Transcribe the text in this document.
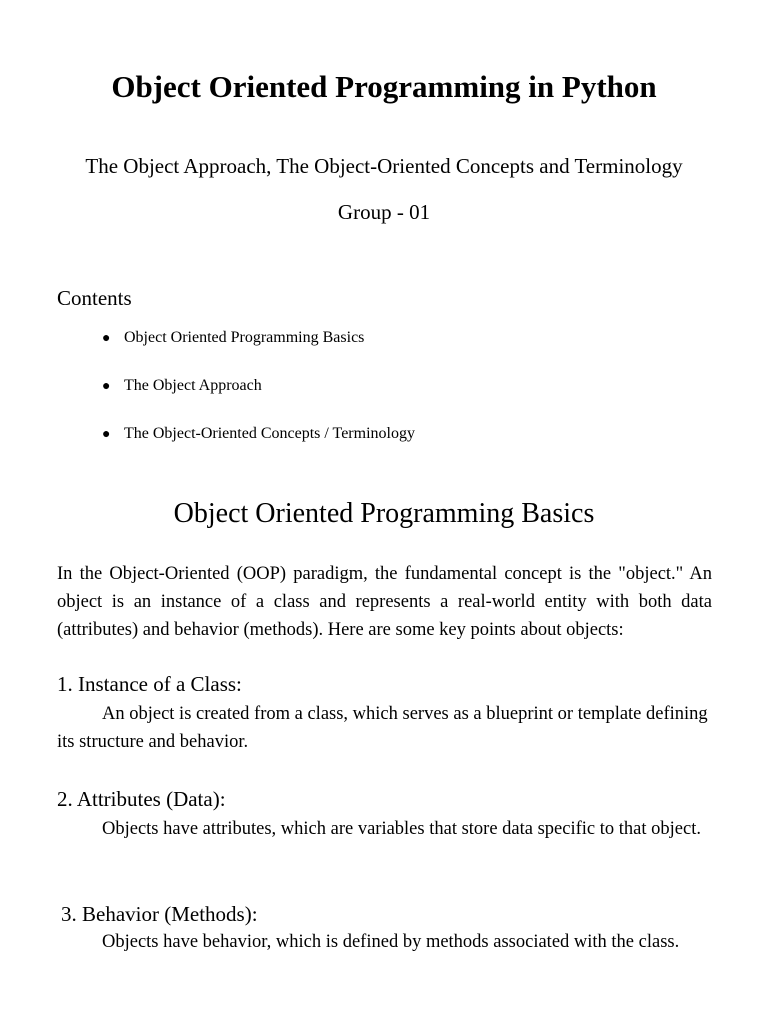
Object Oriented Programming in Python

The Object Approach, The Object-Oriented Concepts and Terminology

Group - 01

Contents

● Object Oriented Programming Basics
● The Object Approach
● The Object-Oriented Concepts / Terminology
Object Oriented Programming Basics

In the Object-Oriented (OOP) paradigm, the fundamental concept is the "object." An object is an instance of a class and represents a real-world entity with both data (attributes) and behavior (methods). Here are some key points about objects:

1. Instance of a Class:

An object is created from a class, which serves as a blueprint or template defining its structure and behavior.

2. Attributes (Data):

Objects have attributes, which are variables that store data specific to that object.

3. Behavior (Methods):

Objects have behavior, which is defined by methods associated with the class.
